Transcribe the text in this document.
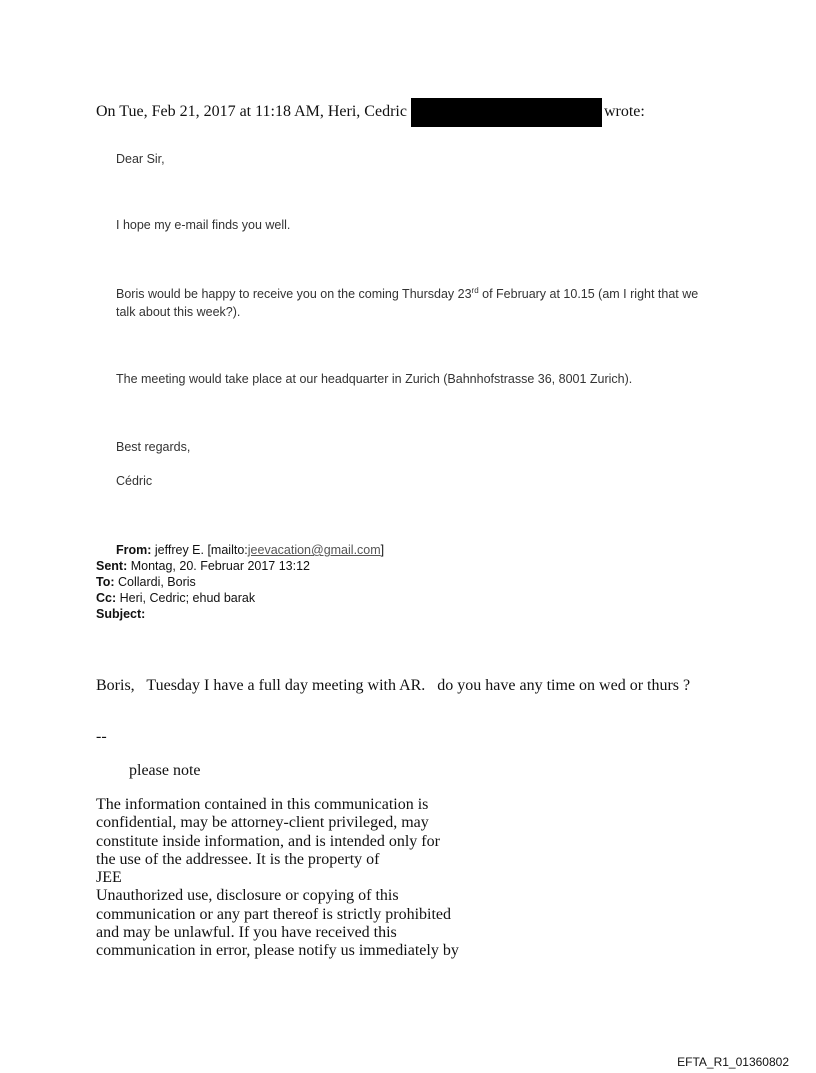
On Tue, Feb 21, 2017 at 11:18 AM, Heri, Cedric	wrote:
Dear Sir,
I hope my e-mail finds you well.
Boris would be happy to receive you on the coming Thursday 23rd of February at 10.15 (am I right that we talk about this week?).
The meeting would take place at our headquarter in Zurich (Bahnhofstrasse 36, 8001 Zurich).
Best regards,
Cédric
From: jeffrey E. [mailto:jeevacation@gmail.com]
Sent: Montag, 20. Februar 2017 13:12
To: Collardi, Boris
Cc: Heri, Cedric; ehud barak
Subject:
Boris,   Tuesday I have a full day meeting with AR.   do you have any time on wed or thurs ?
--
please note
The information contained in this communication is
confidential, may be attorney-client privileged, may
constitute inside information, and is intended only for
the use of the addressee. It is the property of
JEE
Unauthorized use, disclosure or copying of this
communication or any part thereof is strictly prohibited
and may be unlawful. If you have received this
communication in error, please notify us immediately by
EFTA_R1_01360802
